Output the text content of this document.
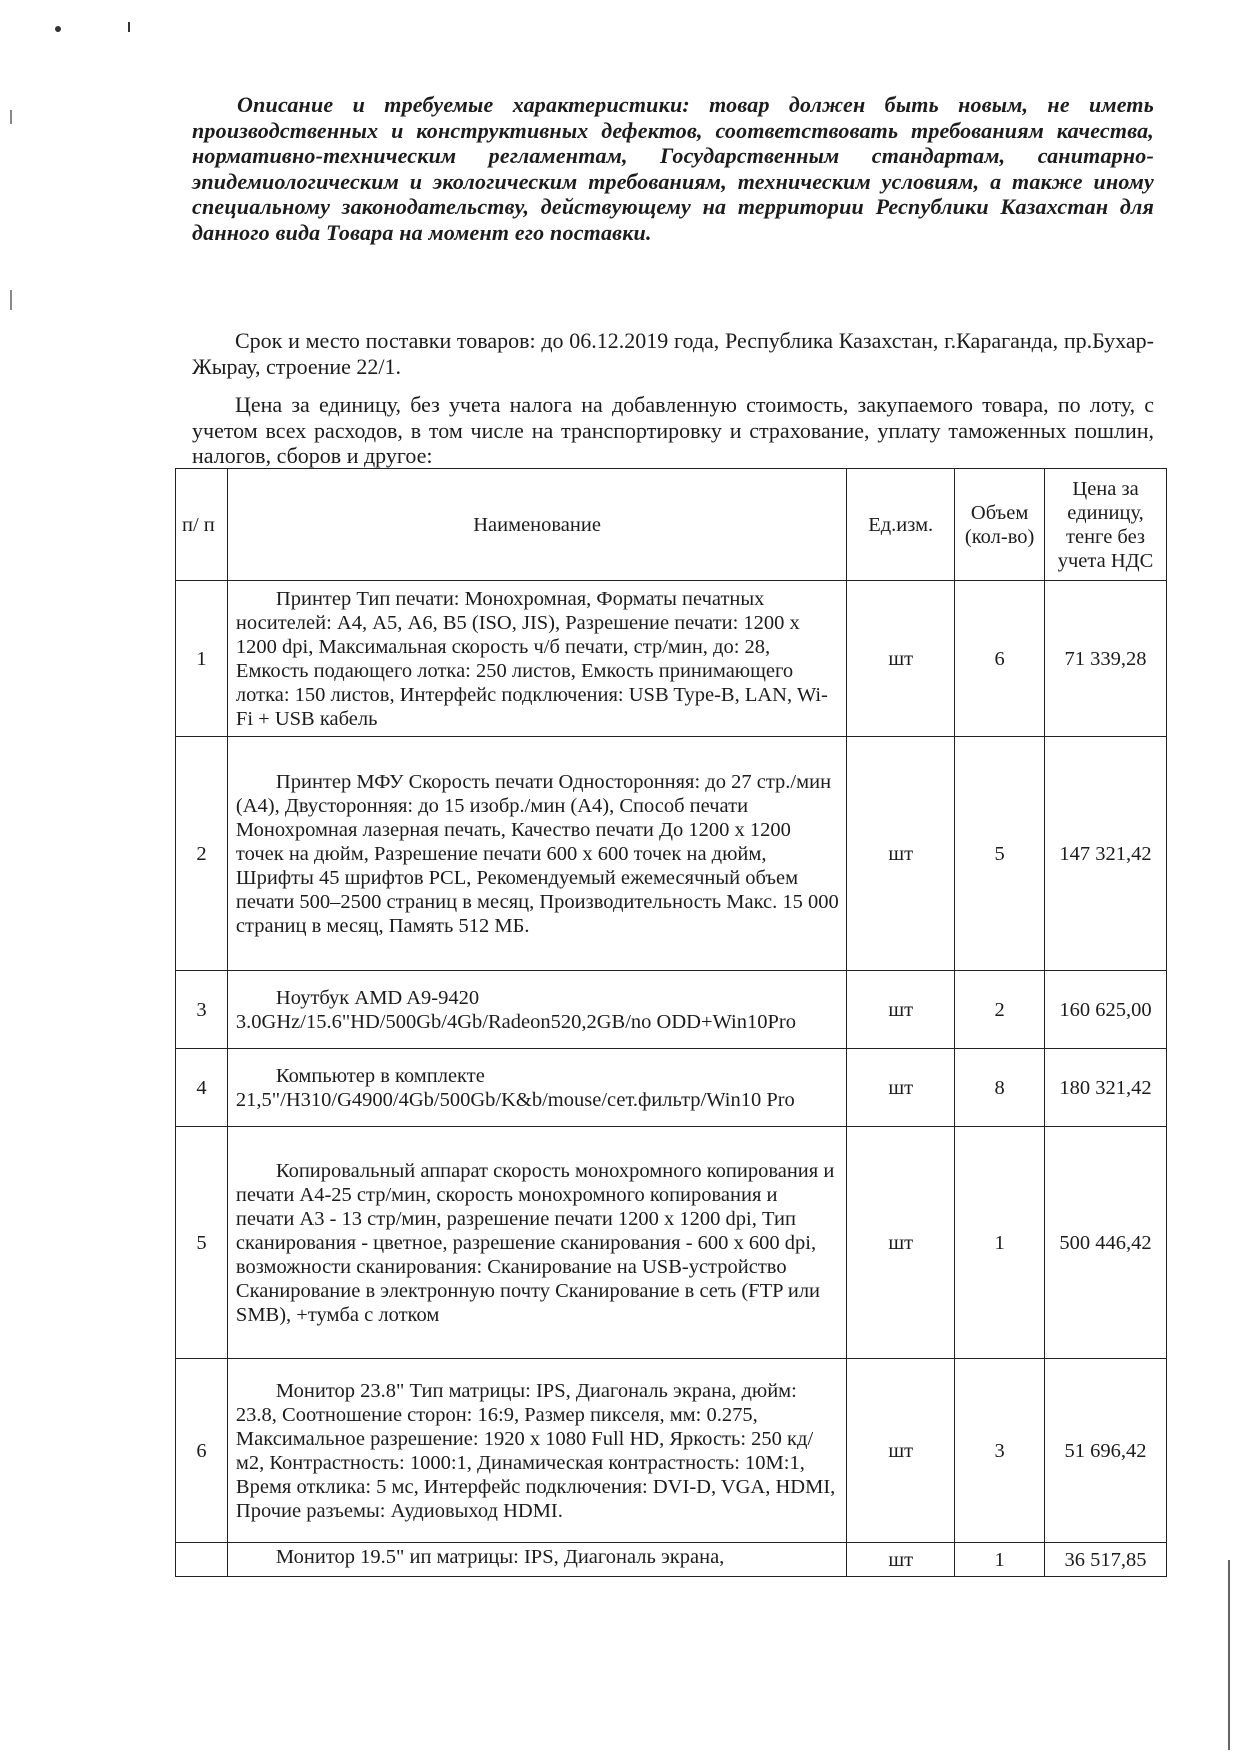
Описание и требуемые характеристики: товар должен быть новым, не иметь производственных и конструктивных дефектов, соответствовать требованиям качества, нормативно-техническим регламентам, Государственным стандартам, санитарно-эпидемиологическим и экологическим требованиям, техническим условиям, а также иному специальному законодательству, действующему на территории Республики Казахстан для данного вида Товара на момент его поставки.

Срок и место поставки товаров: до 06.12.2019 года, Республика Казахстан, г.Караганда, пр.Бухар-Жырау, строение 22/1.

Цена за единицу, без учета налога на добавленную стоимость, закупаемого товара, по лоту, с учетом всех расходов, в том числе на транспортировку и страхование, уплату таможенных пошлин, налогов, сборов и другое:

п/ п	Наименование	Ед.изм.	Объем (кол-во)	Цена за единицу, тенге без учета НДС
1	Принтер Тип печати: Монохромная, Форматы печатных носителей: А4, А5, А6, В5 (ISO, JIS), Разрешение печати: 1200 x 1200 dpi, Максимальная скорость ч/б печати, стр/мин, до: 28, Емкость подающего лотка: 250 листов, Емкость принимающего лотка: 150 листов, Интерфейс подключения: USB Type-B, LAN, Wi-Fi + USB кабель	шт	6	71 339,28
2	Принтер МФУ Скорость печати Односторонняя: до 27 стр./мин (А4), Двусторонняя: до 15 изобр./мин (А4), Способ печати Монохромная лазерная печать, Качество печати До 1200 x 1200 точек на дюйм, Разрешение печати 600 x 600 точек на дюйм, Шрифты 45 шрифтов PCL, Рекомендуемый ежемесячный объем печати 500–2500 страниц в месяц, Производительность Макс. 15 000 страниц в месяц, Память 512 МБ.	шт	5	147 321,42
3	Ноутбук AMD A9-9420 3.0GHz/15.6"HD/500Gb/4Gb/Radeon520,2GB/no ODD+Win10Pro	шт	2	160 625,00
4	Компьютер в комплекте 21,5"/H310/G4900/4Gb/500Gb/K&b/mouse/сет.фильтр/Win10 Pro	шт	8	180 321,42
5	Копировальный аппарат скорость монохромного копирования и печати А4-25 стр/мин, скорость монохромного копирования и печати А3 - 13 стр/мин, разрешение печати 1200 x 1200 dpi, Тип сканирования - цветное, разрешение сканирования - 600 x 600 dpi, возможности сканирования: Сканирование на USB-устройство Сканирование в электронную почту Сканирование в сеть (FTP или SMB), +тумба с лотком	шт	1	500 446,42
6	Монитор 23.8" Тип матрицы: IPS, Диагональ экрана, дюйм: 23.8, Соотношение сторон: 16:9, Размер пикселя, мм: 0.275, Максимальное разрешение: 1920 x 1080 Full HD, Яркость: 250 кд/м2, Контрастность: 1000:1, Динамическая контрастность: 10M:1, Время отклика: 5 мс, Интерфейс подключения: DVI-D, VGA, HDMI, Прочие разъемы: Аудиовыход HDMI.	шт	3	51 696,42
	Монитор 19.5" ип матрицы: IPS, Диагональ экрана,	шт	1	36 517,85
